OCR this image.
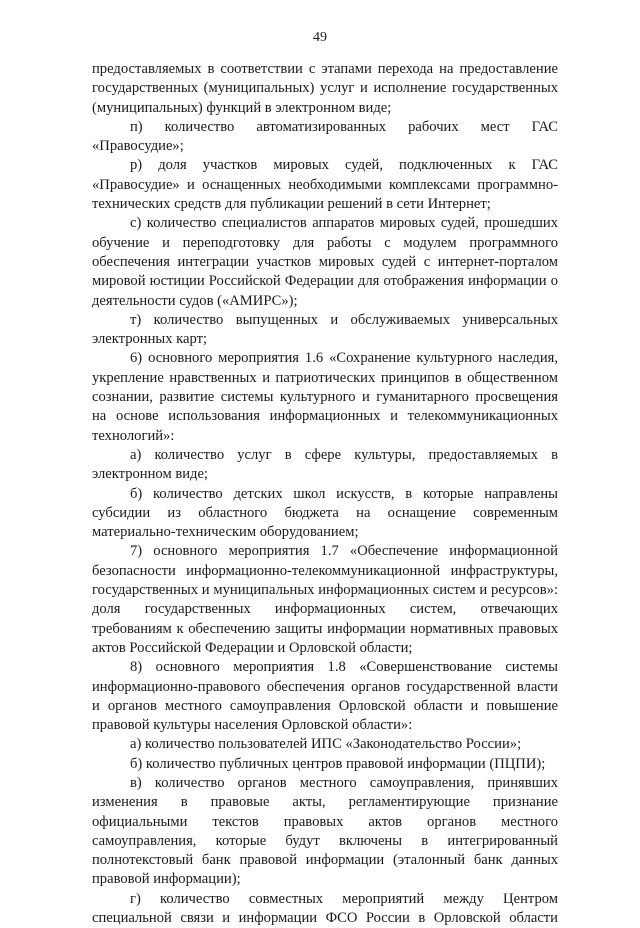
49

предоставляемых в соответствии с этапами перехода на предоставление государственных (муниципальных) услуг и исполнение государственных (муниципальных) функций в электронном виде;

п) количество автоматизированных рабочих мест ГАС «Правосудие»;

р) доля участков мировых судей, подключенных к ГАС «Правосудие» и оснащенных необходимыми комплексами программно-технических средств для публикации решений в сети Интернет;

с) количество специалистов аппаратов мировых судей, прошедших обучение и переподготовку для работы с модулем программного обеспечения интеграции участков мировых судей с интернет-порталом мировой юстиции Российской Федерации для отображения информации о деятельности судов («АМИРС»);

т) количество выпущенных и обслуживаемых универсальных электронных карт;

6) основного мероприятия 1.6 «Сохранение культурного наследия, укрепление нравственных и патриотических принципов в общественном сознании, развитие системы культурного и гуманитарного просвещения на основе использования информационных и телекоммуникационных технологий»:

а) количество услуг в сфере культуры, предоставляемых в электронном виде;

б) количество детских школ искусств, в которые направлены субсидии из областного бюджета на оснащение современным материально-техническим оборудованием;

7) основного мероприятия 1.7 «Обеспечение информационной безопасности информационно-телекоммуникационной инфраструктуры, государственных и муниципальных информационных систем и ресурсов»: доля государственных информационных систем, отвечающих требованиям к обеспечению защиты информации нормативных правовых актов Российской Федерации и Орловской области;

8) основного мероприятия 1.8 «Совершенствование системы информационно-правового обеспечения органов государственной власти и органов местного самоуправления Орловской области и повышение правовой культуры населения Орловской области»:

а) количество пользователей ИПС «Законодательство России»;

б) количество публичных центров правовой информации (ПЦПИ);

в) количество органов местного самоуправления, принявших изменения в правовые акты, регламентирующие признание официальными текстов правовых актов органов местного самоуправления, которые будут включены в интегрированный полнотекстовый банк правовой информации (эталонный банк данных правовой информации);

г) количество совместных мероприятий между Центром специальной связи и информации ФСО России в Орловской области
